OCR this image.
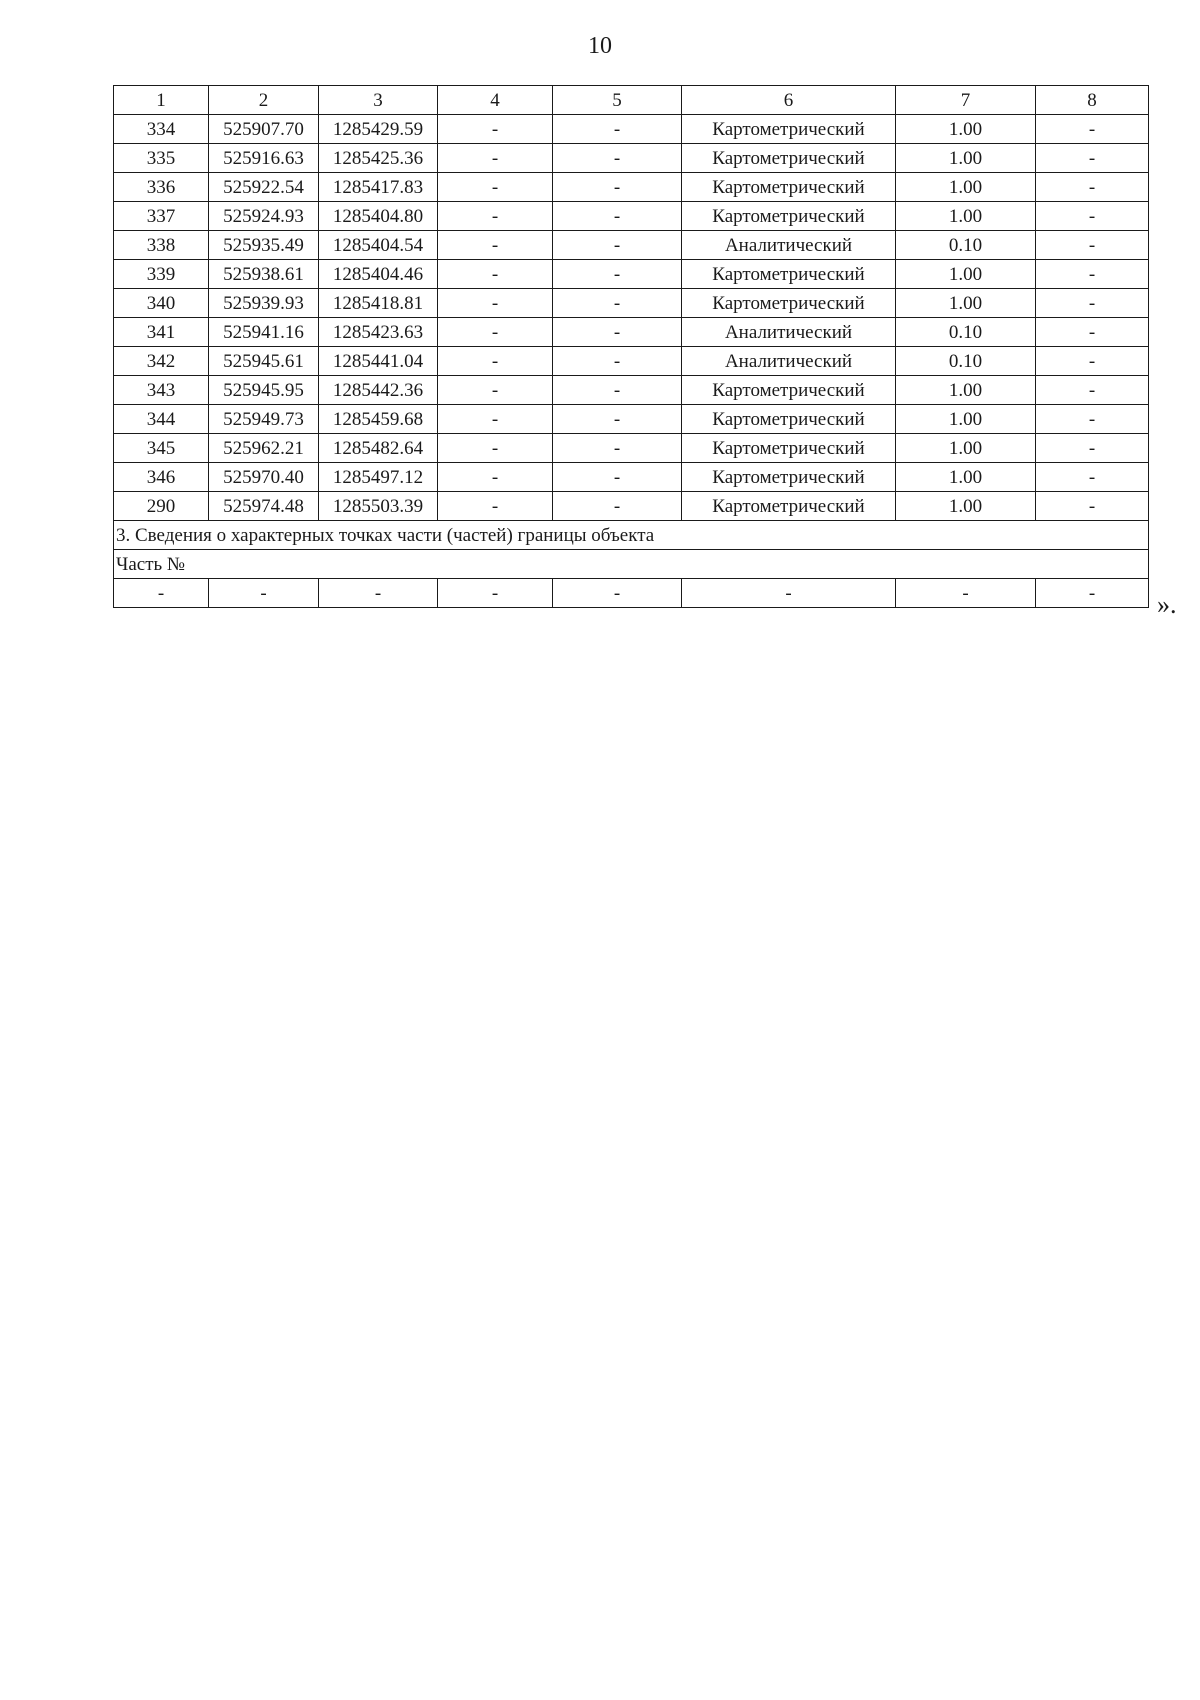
10
1	2	3	4	5	6	7	8
334	525907.70	1285429.59	-	-	Картометрический	1.00	-
335	525916.63	1285425.36	-	-	Картометрический	1.00	-
336	525922.54	1285417.83	-	-	Картометрический	1.00	-
337	525924.93	1285404.80	-	-	Картометрический	1.00	-
338	525935.49	1285404.54	-	-	Аналитический	0.10	-
339	525938.61	1285404.46	-	-	Картометрический	1.00	-
340	525939.93	1285418.81	-	-	Картометрический	1.00	-
341	525941.16	1285423.63	-	-	Аналитический	0.10	-
342	525945.61	1285441.04	-	-	Аналитический	0.10	-
343	525945.95	1285442.36	-	-	Картометрический	1.00	-
344	525949.73	1285459.68	-	-	Картометрический	1.00	-
345	525962.21	1285482.64	-	-	Картометрический	1.00	-
346	525970.40	1285497.12	-	-	Картометрический	1.00	-
290	525974.48	1285503.39	-	-	Картометрический	1.00	-
3. Сведения о характерных точках части (частей) границы объекта							
Часть №							
-	-	-	-	-	-	-	- ».
